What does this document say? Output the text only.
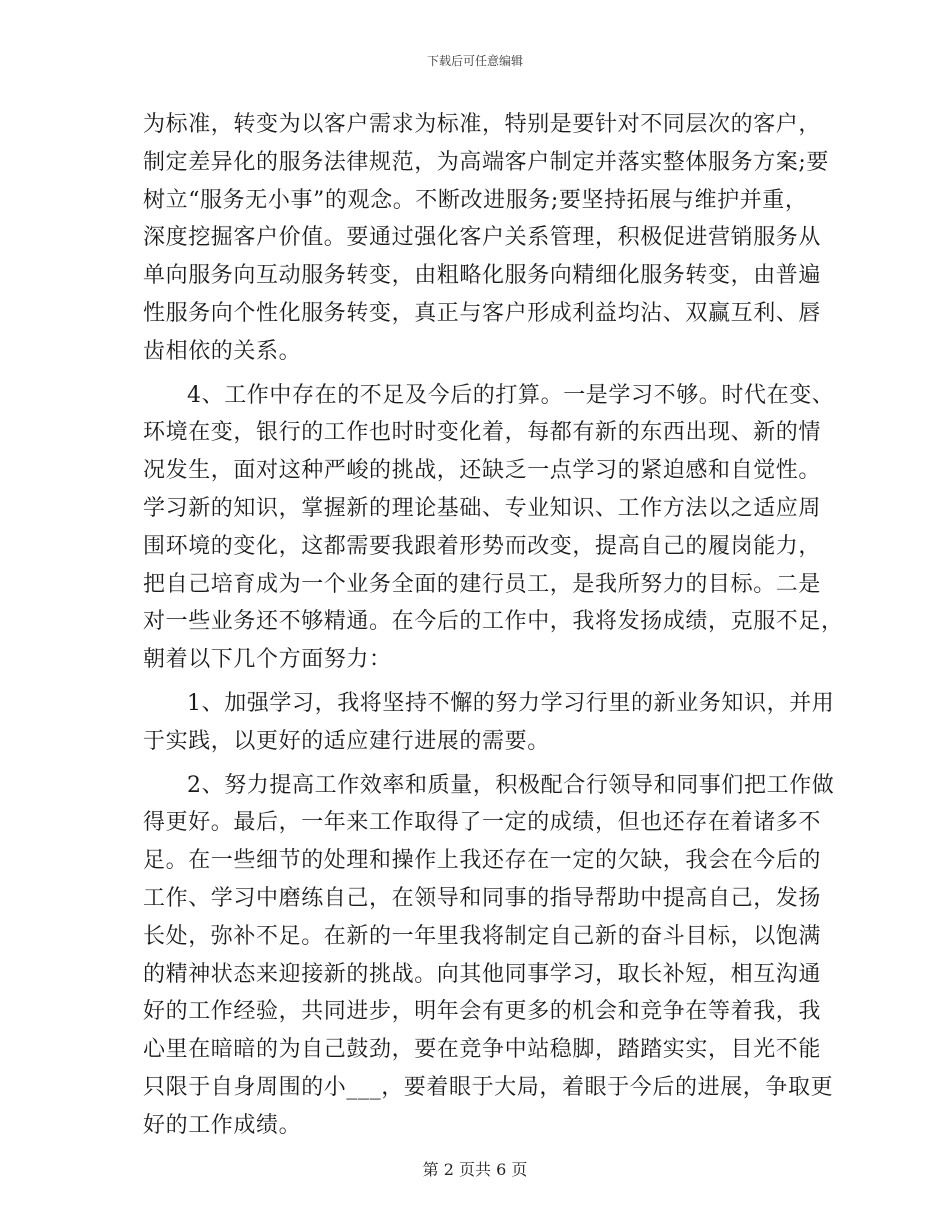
下载后可任意编辑
为标准，转变为以客户需求为标准，特别是要针对不同层次的客户，
制定差异化的服务法律规范，为高端客户制定并落实整体服务方案;要
树立“服务无小事”的观念。不断改进服务;要坚持拓展与维护并重，
深度挖掘客户价值。要通过强化客户关系管理，积极促进营销服务从
单向服务向互动服务转变，由粗略化服务向精细化服务转变，由普遍
性服务向个性化服务转变，真正与客户形成利益均沾、双赢互利、唇
齿相依的关系。
4、工作中存在的不足及今后的打算。一是学习不够。时代在变、
环境在变，银行的工作也时时变化着，每都有新的东西出现、新的情
况发生，面对这种严峻的挑战，还缺乏一点学习的紧迫感和自觉性。
学习新的知识，掌握新的理论基础、专业知识、工作方法以之适应周
围环境的变化，这都需要我跟着形势而改变，提高自己的履岗能力，
把自己培育成为一个业务全面的建行员工，是我所努力的目标。二是
对一些业务还不够精通。在今后的工作中，我将发扬成绩，克服不足，
朝着以下几个方面努力：
1、加强学习，我将坚持不懈的努力学习行里的新业务知识，并用
于实践，以更好的适应建行进展的需要。
2、努力提高工作效率和质量，积极配合行领导和同事们把工作做
得更好。最后，一年来工作取得了一定的成绩，但也还存在着诸多不
足。在一些细节的处理和操作上我还存在一定的欠缺，我会在今后的
工作、学习中磨练自己，在领导和同事的指导帮助中提高自己，发扬
长处，弥补不足。在新的一年里我将制定自己新的奋斗目标，以饱满
的精神状态来迎接新的挑战。向其他同事学习，取长补短，相互沟通
好的工作经验，共同进步，明年会有更多的机会和竞争在等着我，我
心里在暗暗的为自己鼓劲，要在竞争中站稳脚，踏踏实实，目光不能
只限于自身周围的小___，要着眼于大局，着眼于今后的进展，争取更
好的工作成绩。
第 2 页共 6 页
